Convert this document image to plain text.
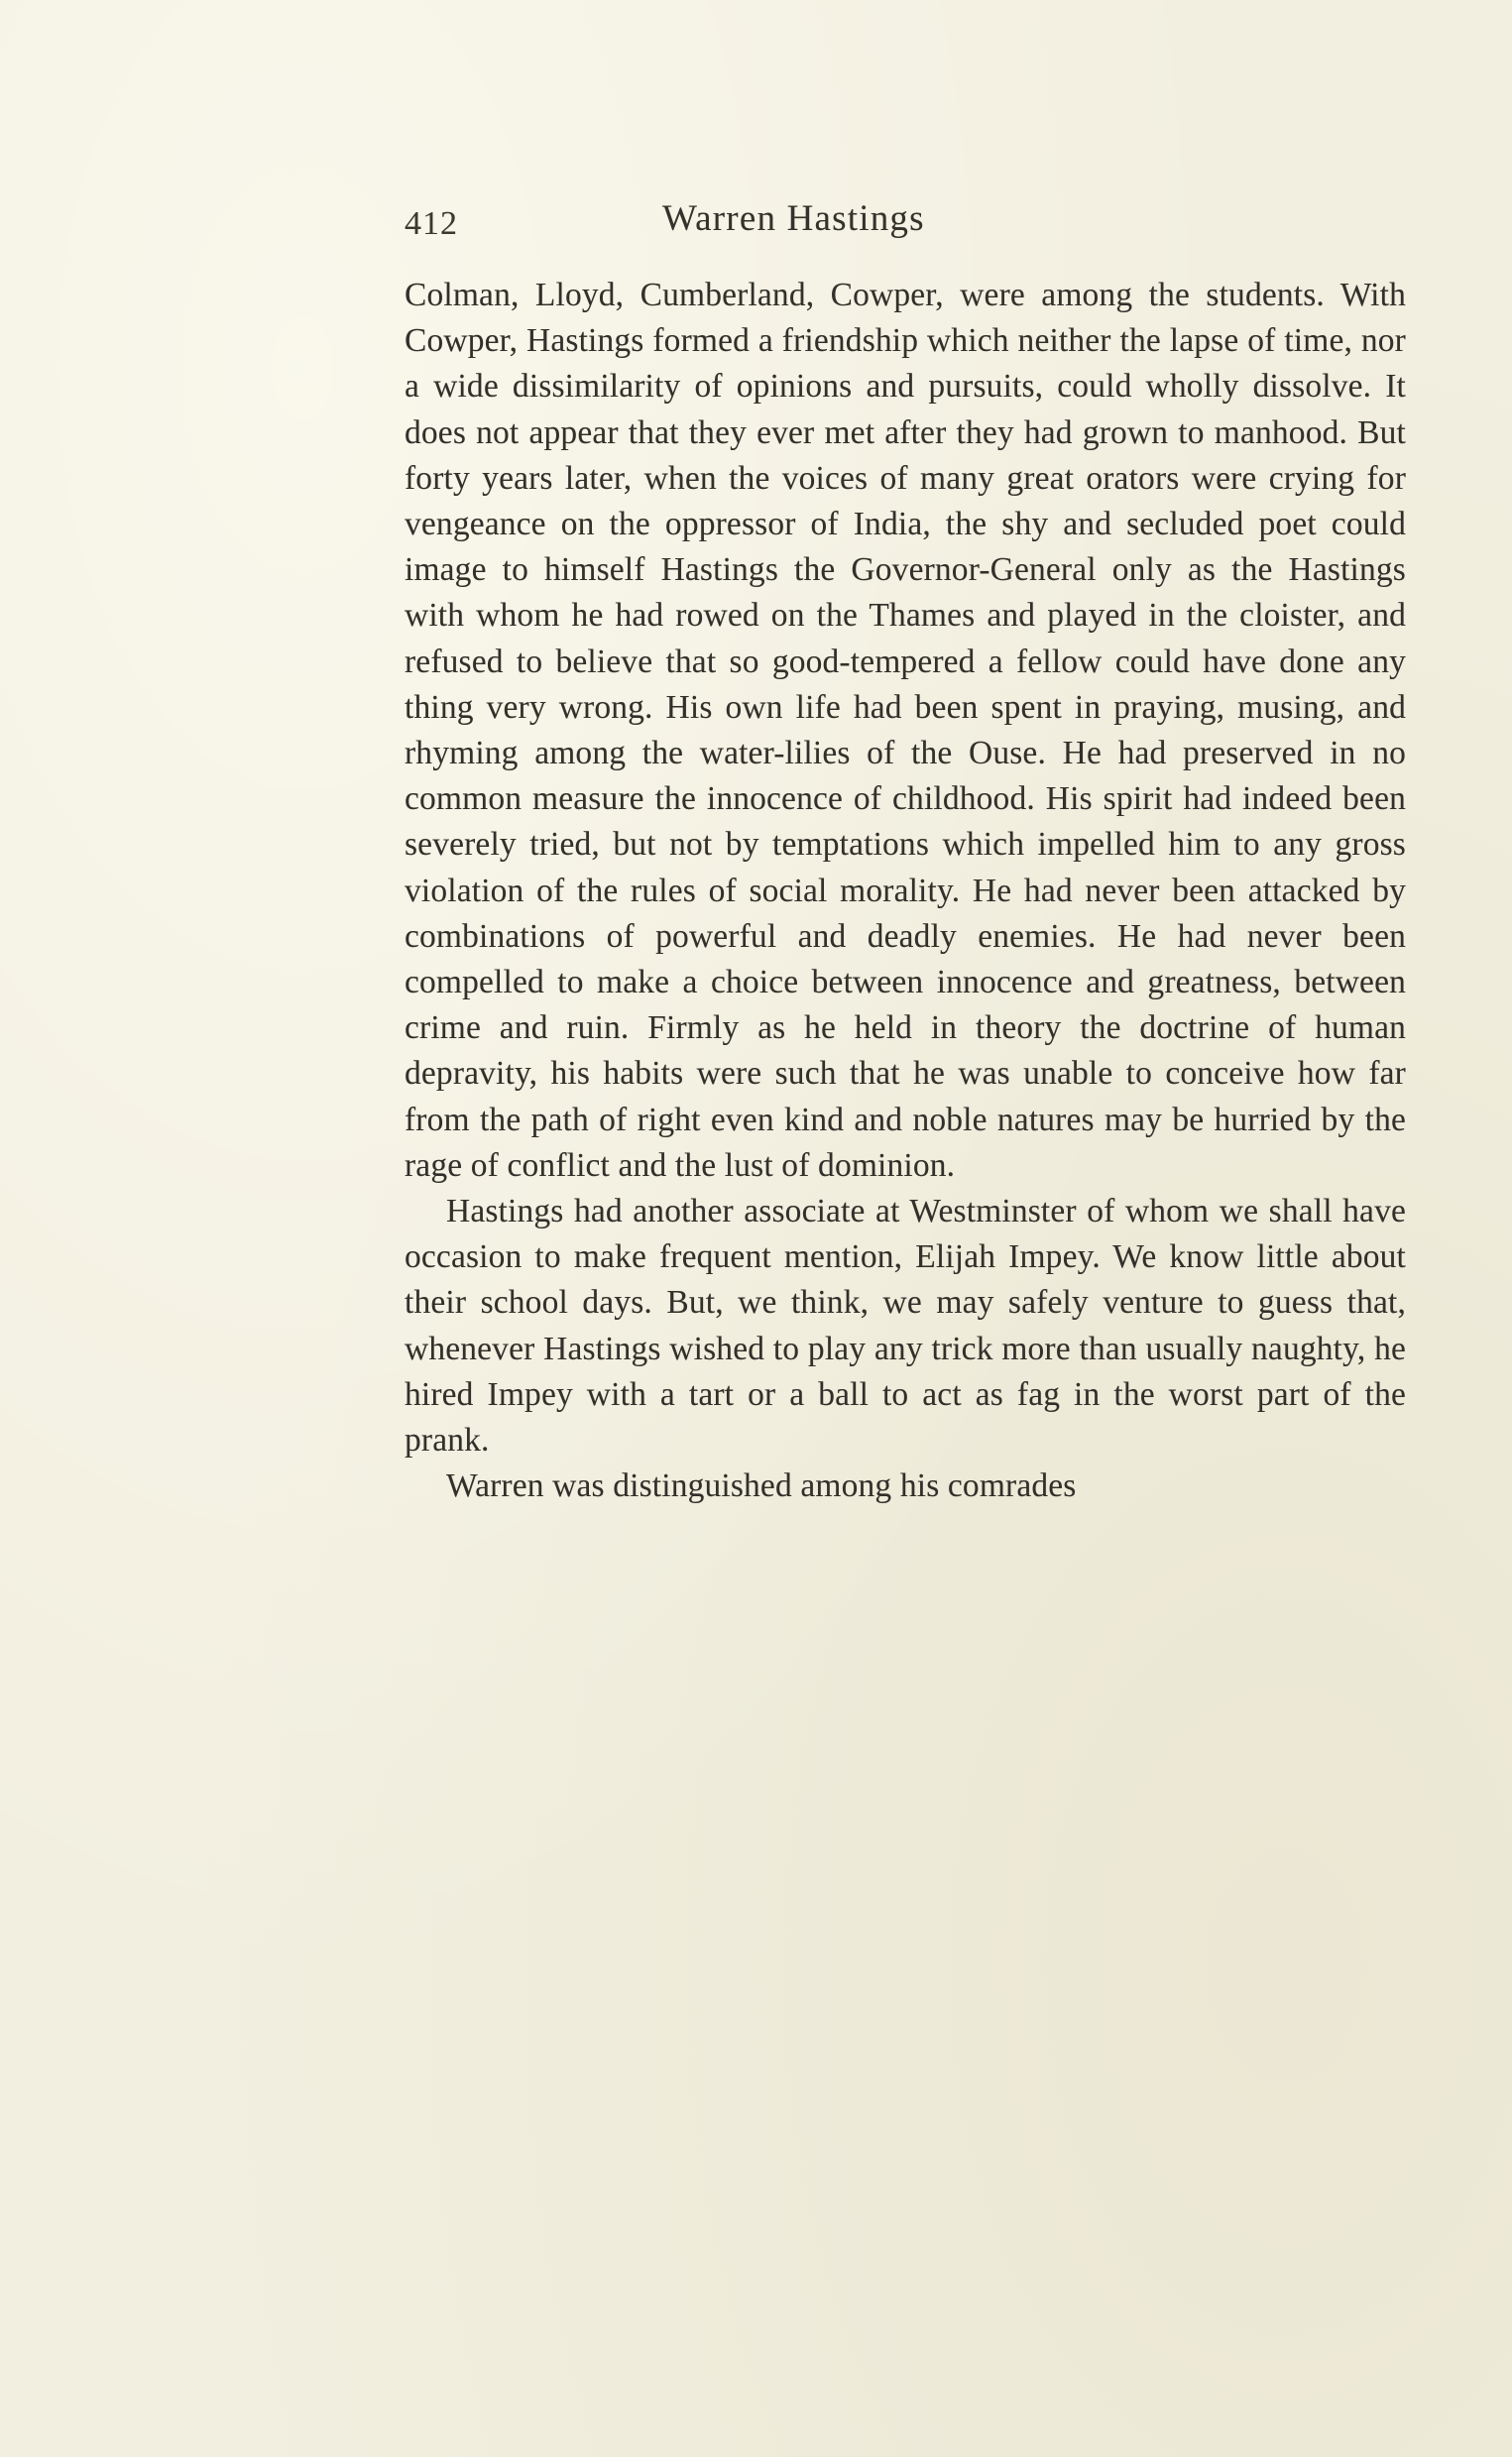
412	Warren Hastings

Colman, Lloyd, Cumberland, Cowper, were among the students. With Cowper, Hastings formed a friendship which neither the lapse of time, nor a wide dissimilarity of opinions and pursuits, could wholly dissolve. It does not appear that they ever met after they had grown to manhood. But forty years later, when the voices of many great orators were crying for vengeance on the oppressor of India, the shy and secluded poet could image to himself Hastings the Governor-General only as the Hastings with whom he had rowed on the Thames and played in the cloister, and refused to believe that so good-tempered a fellow could have done any thing very wrong. His own life had been spent in praying, musing, and rhyming among the water-lilies of the Ouse. He had preserved in no common measure the innocence of childhood. His spirit had indeed been severely tried, but not by temptations which impelled him to any gross violation of the rules of social morality. He had never been attacked by combinations of powerful and deadly enemies. He had never been compelled to make a choice between innocence and greatness, between crime and ruin. Firmly as he held in theory the doctrine of human depravity, his habits were such that he was unable to conceive how far from the path of right even kind and noble natures may be hurried by the rage of conflict and the lust of dominion.

Hastings had another associate at Westminster of whom we shall have occasion to make frequent mention, Elijah Impey. We know little about their school days. But, we think, we may safely venture to guess that, whenever Hastings wished to play any trick more than usually naughty, he hired Impey with a tart or a ball to act as fag in the worst part of the prank.

Warren was distinguished among his comrades
